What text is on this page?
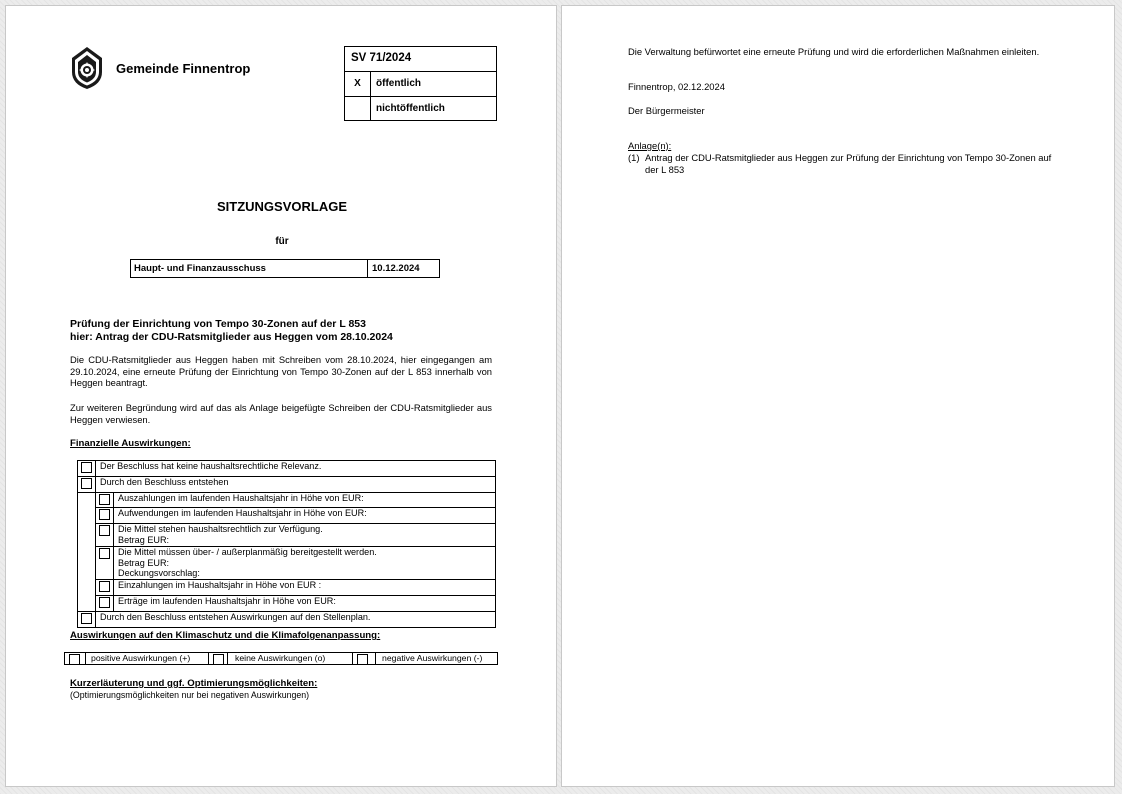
Gemeinde Finnentrop
SV 71/2024
X	öffentlich
nichtöffentlich
SITZUNGSVORLAGE
für
Haupt- und Finanzausschuss	10.12.2024
Prüfung der Einrichtung von Tempo 30-Zonen auf der L 853
hier: Antrag der CDU-Ratsmitglieder aus Heggen vom 28.10.2024
Die CDU-Ratsmitglieder aus Heggen haben mit Schreiben vom 28.10.2024, hier eingegangen am 29.10.2024, eine erneute Prüfung der Einrichtung von Tempo 30-Zonen auf der L 853 innerhalb von Heggen beantragt.
Zur weiteren Begründung wird auf das als Anlage beigefügte Schreiben der CDU-Ratsmitglieder aus Heggen verwiesen.
Finanzielle Auswirkungen:
	Der Beschluss hat keine haushaltsrechtliche Relevanz.	
	Durch den Beschluss entstehen	
		Auszahlungen im laufenden Haushaltsjahr in Höhe von EUR:
		Aufwendungen im laufenden Haushaltsjahr in Höhe von EUR:

		Die Mittel stehen haushaltsrechtlich zur Verfügung.
Betrag EUR:

		Die Mittel müssen über- / außerplanmäßig bereitgestellt werden.
Betrag EUR:
Deckungsvorschlag:

		Einzahlungen im Haushaltsjahr in Höhe von EUR :
		Erträge im laufenden Haushaltsjahr in Höhe von EUR:
	Durch den Beschluss entstehen Auswirkungen auf den Stellenplan.	
Auswirkungen auf den Klimaschutz und die Klimafolgenanpassung:
positive Auswirkungen (+)	keine Auswirkungen (o)	negative Auswirkungen (-)
Kurzerläuterung und ggf. Optimierungsmöglichkeiten:
(Optimierungsmöglichkeiten nur bei negativen Auswirkungen)
Die Verwaltung befürwortet eine erneute Prüfung und wird die erforderlichen Maßnahmen einleiten.
Finnentrop, 02.12.2024
Der Bürgermeister
Anlage(n):
(1) Antrag der CDU-Ratsmitglieder aus Heggen zur Prüfung der Einrichtung von Tempo 30-Zonen auf der L 853
